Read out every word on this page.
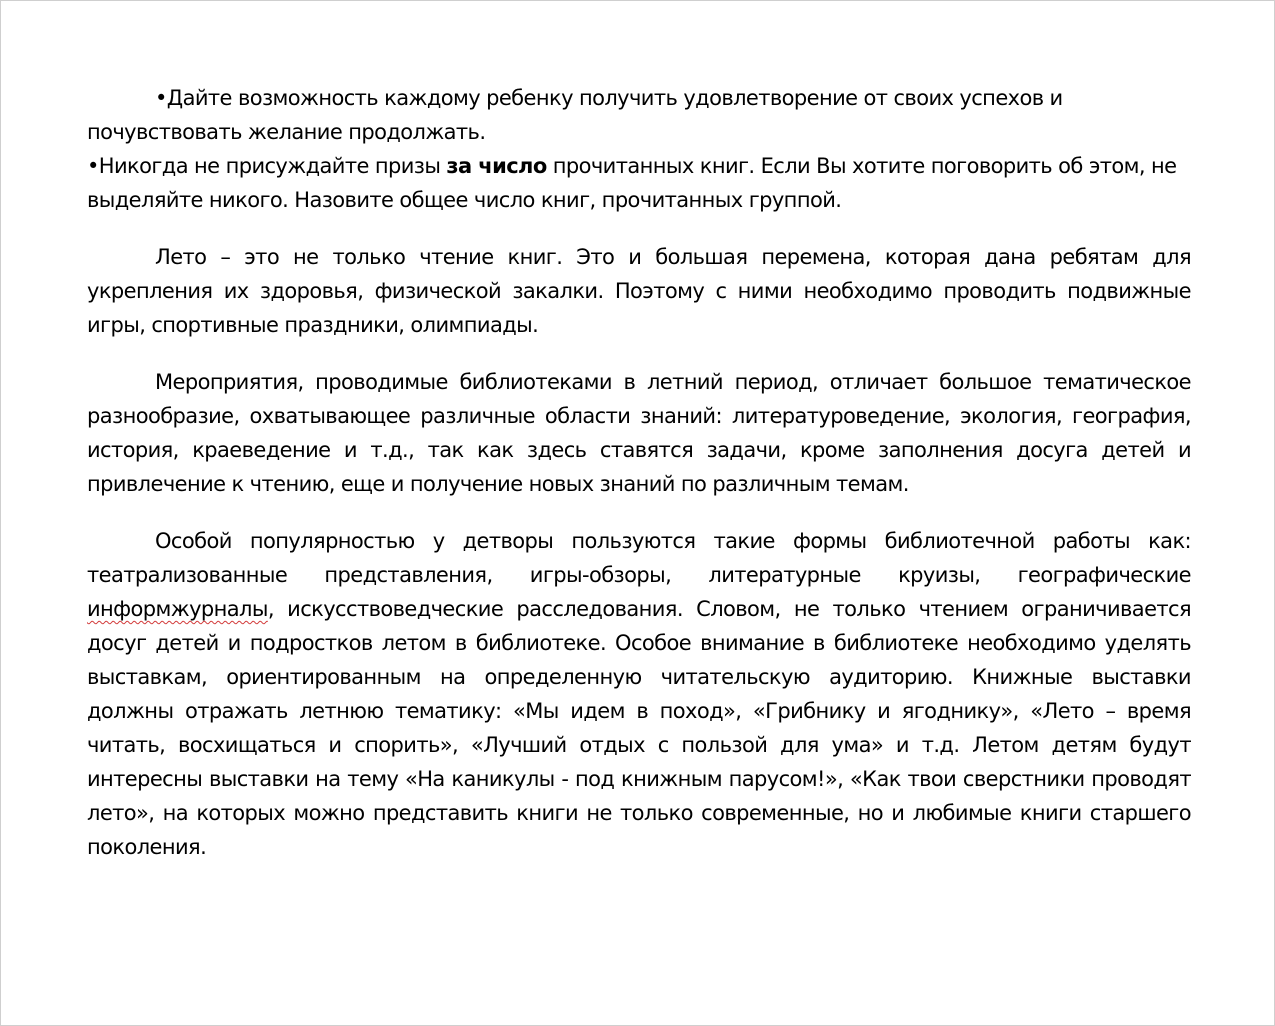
•Дайте возможность каждому ребенку получить удовлетворение от своих успехов и почувствовать желание продолжать.

•Никогда не присуждайте призы за число прочитанных книг. Если Вы хотите поговорить об этом, не выделяйте никого. Назовите общее число книг, прочитанных группой.

Лето – это не только чтение книг. Это и большая перемена, которая дана ребятам для укрепления их здоровья, физической закалки. Поэтому с ними необходимо проводить подвижные игры, спортивные праздники, олимпиады.

Мероприятия, проводимые библиотеками в летний период, отличает большое тематическое разнообразие, охватывающее различные области знаний: литературоведение, экология, география, история, краеведение и т.д., так как здесь ставятся задачи, кроме заполнения досуга детей и привлечение к чтению, еще и получение новых знаний по различным темам.

Особой популярностью у детворы пользуются такие формы библиотечной работы как: театрализованные представления, игры-обзоры, литературные круизы, географические информжурналы, искусствоведческие расследования. Словом, не только чтением ограничивается досуг детей и подростков летом в библиотеке. Особое внимание в библиотеке необходимо уделять выставкам, ориентированным на определенную читательскую аудиторию. Книжные выставки должны отражать летнюю тематику: «Мы идем в поход», «Грибнику и ягоднику», «Лето – время читать, восхищаться и спорить», «Лучший отдых с пользой для ума» и т.д. Летом детям будут интересны выставки на тему «На каникулы - под книжным парусом!», «Как твои сверстники проводят лето», на которых можно представить книги не только современные, но и любимые книги старшего поколения.
